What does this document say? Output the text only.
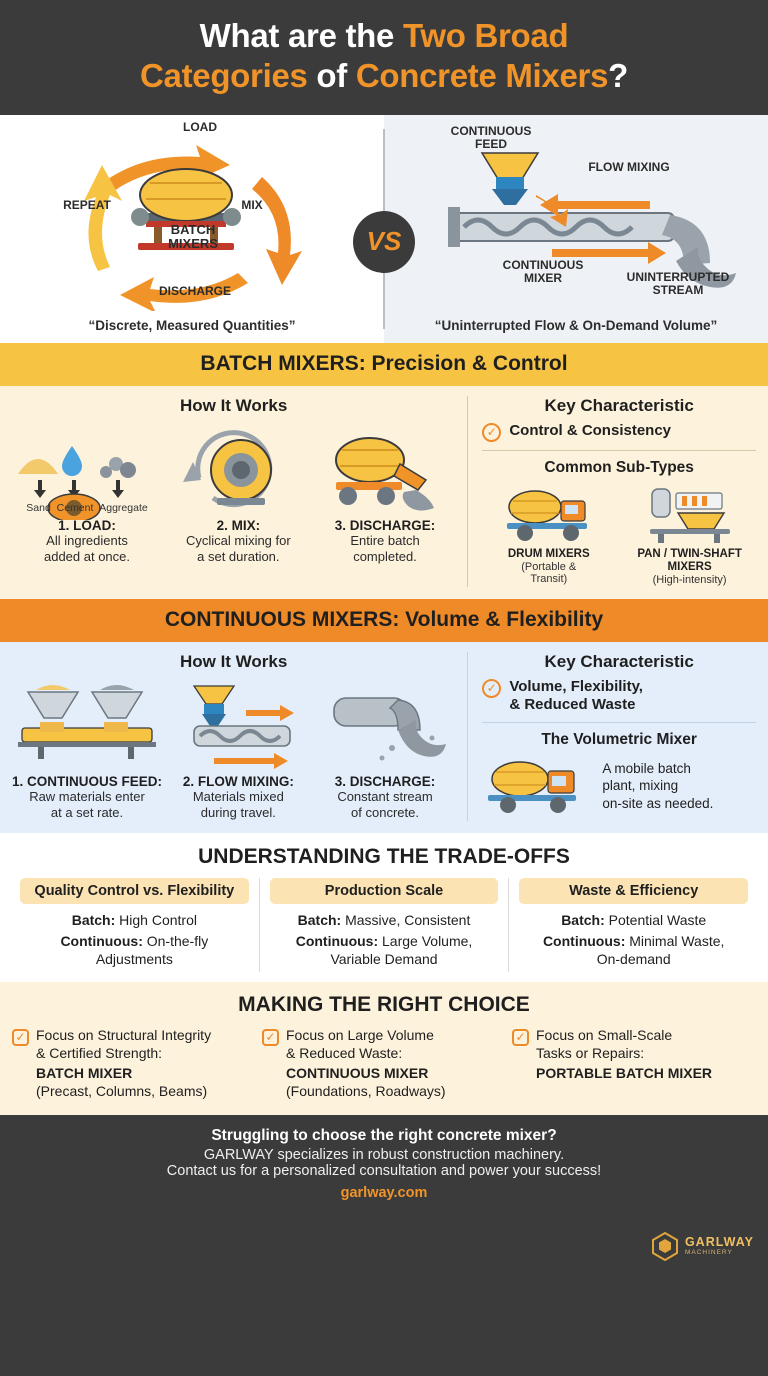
What are the Two Broad
Categories of Concrete Mixers?
LOAD
MIX
DISCHARGE
REPEAT
BATCH
MIXERS
“Discrete, Measured Quantities”
CONTINUOUS
FEED
FLOW MIXING
CONTINUOUS
MIXER	UNINTERRUPTED
STREAM
“Uninterrupted Flow & On-Demand Volume”
VS
BATCH MIXERS: Precision & Control
How It Works
Sand Cement Aggregate
1. LOAD:
All ingredients
added at once.
2. MIX:
Cyclical mixing for
a set duration.
3. DISCHARGE:
Entire batch
completed.
Key Characteristic
✓ Control & Consistency
Common Sub-Types
DRUM MIXERS
(Portable &
Transit)
PAN / TWIN-SHAFT
MIXERS
(High-intensity)
CONTINUOUS MIXERS: Volume & Flexibility
How It Works
1. CONTINUOUS FEED:
Raw materials enter
at a set rate.
2. FLOW MIXING:
Materials mixed
during travel.
3. DISCHARGE:
Constant stream
of concrete.
Key Characteristic
✓ Volume, Flexibility,
& Reduced Waste
The Volumetric Mixer
A mobile batch
plant, mixing
on-site as needed.
UNDERSTANDING THE TRADE-OFFS
Quality Control vs. Flexibility
Batch: High Control
Continuous: On-the-fly
Adjustments
Production Scale
Batch: Massive, Consistent
Continuous: Large Volume,
Variable Demand
Waste & Efficiency
Batch: Potential Waste
Continuous: Minimal Waste,
On-demand
MAKING THE RIGHT CHOICE
✓ Focus on Structural Integrity
& Certified Strength:
BATCH MIXER
(Precast, Columns, Beams)
✓ Focus on Large Volume
& Reduced Waste:
CONTINUOUS MIXER
(Foundations, Roadways)
✓ Focus on Small-Scale
Tasks or Repairs:
PORTABLE BATCH MIXER
Struggling to choose the right concrete mixer?
GARLWAY specializes in robust construction machinery.
Contact us for a personalized consultation and power your success!
garlway.com
GARLWAY
MACHINERY
